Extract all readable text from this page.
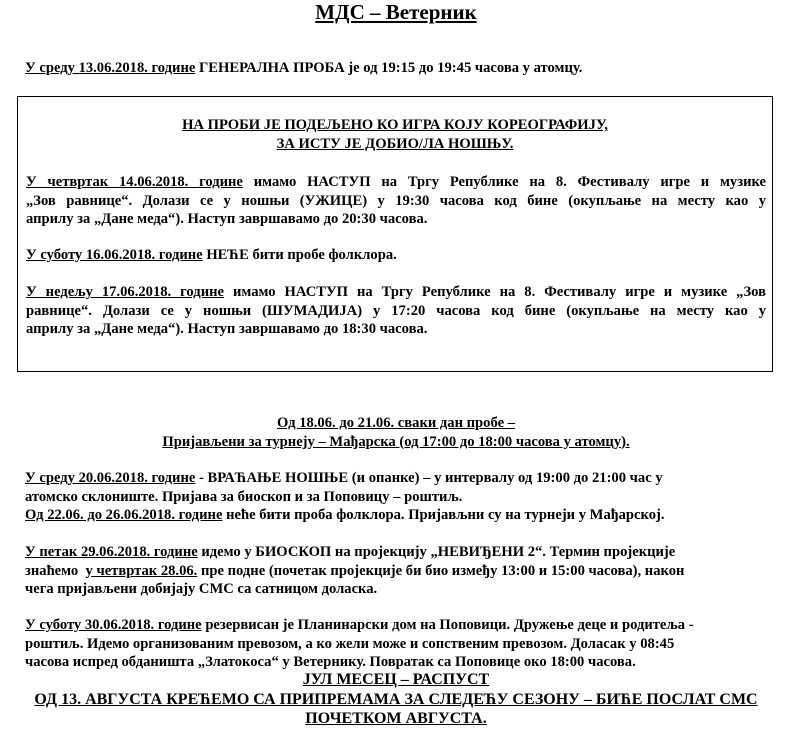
МДС – Ветерник
У среду 13.06.2018. године ГЕНЕРАЛНА ПРОБА је од 19:15 до 19:45 часова у атомцу.
НА ПРОБИ ЈЕ ПОДЕЉЕНО КО ИГРА КОЈУ КОРЕОГРАФИЈУ,
ЗА ИСТУ ЈЕ ДОБИО/ЛА НОШЊУ.
У четвртак 14.06.2018. године имамо НАСТУП на Тргу Републике на 8. Фестивалу игре и музике
„Зов равнице“. Долази се у ношњи (УЖИЦЕ) у 19:30 часова код бине (окупљање на месту као у
априлу за „Дане меда“). Наступ завршавамо до 20:30 часова.
У суботу 16.06.2018. године НЕЋЕ бити пробе фолклора.
У недељу 17.06.2018. године имамо НАСТУП на Тргу Републике на 8. Фестивалу игре и музике „Зов
равнице“. Долази се у ношњи (ШУМАДИЈА) у 17:20 часова код бине (окупљање на месту као у
априлу за „Дане меда“). Наступ завршавамо до 18:30 часова.
Од 18.06. до 21.06. сваки дан пробе –
Пријављени за турнеју – Мађарска (од 17:00 до 18:00 часова у атомцу).
У среду 20.06.2018. године - ВРАЋАЊЕ НОШЊЕ (и опанке) – у интервалу од 19:00 до 21:00 час у
атомско склониште. Пријава за биоскоп и за Поповицу – роштиљ.
Од 22.06. до 26.06.2018. године неће бити проба фолклора. Пријављни су на турнеји у Мађарској.
У петак 29.06.2018. године идемо у БИОСКОП на пројекцију „НЕВИЂЕНИ 2“. Термин пројекције
знаћемо у четвртак 28.06. пре подне (почетак пројекције би био између 13:00 и 15:00 часова), након
чега пријављени добијају СМС са сатницом доласка.
У суботу 30.06.2018. године резервисан је Планинарски дом на Поповици. Дружење деце и родитеља -
роштиљ. Идемо организованим превозом, а ко жели може и сопственим превозом. Доласак у 08:45
часова испред обданишта „Златокоса“ у Ветернику. Повратак са Поповице око 18:00 часова.
ЈУЛ МЕСЕЦ – РАСПУСТ
ОД 13. АВГУСТА КРЕЋЕМО СА ПРИПРЕМАМА ЗА СЛЕДЕЋУ СЕЗОНУ – БИЋЕ ПОСЛАТ СМС
ПОЧЕТКОМ АВГУСТА.
